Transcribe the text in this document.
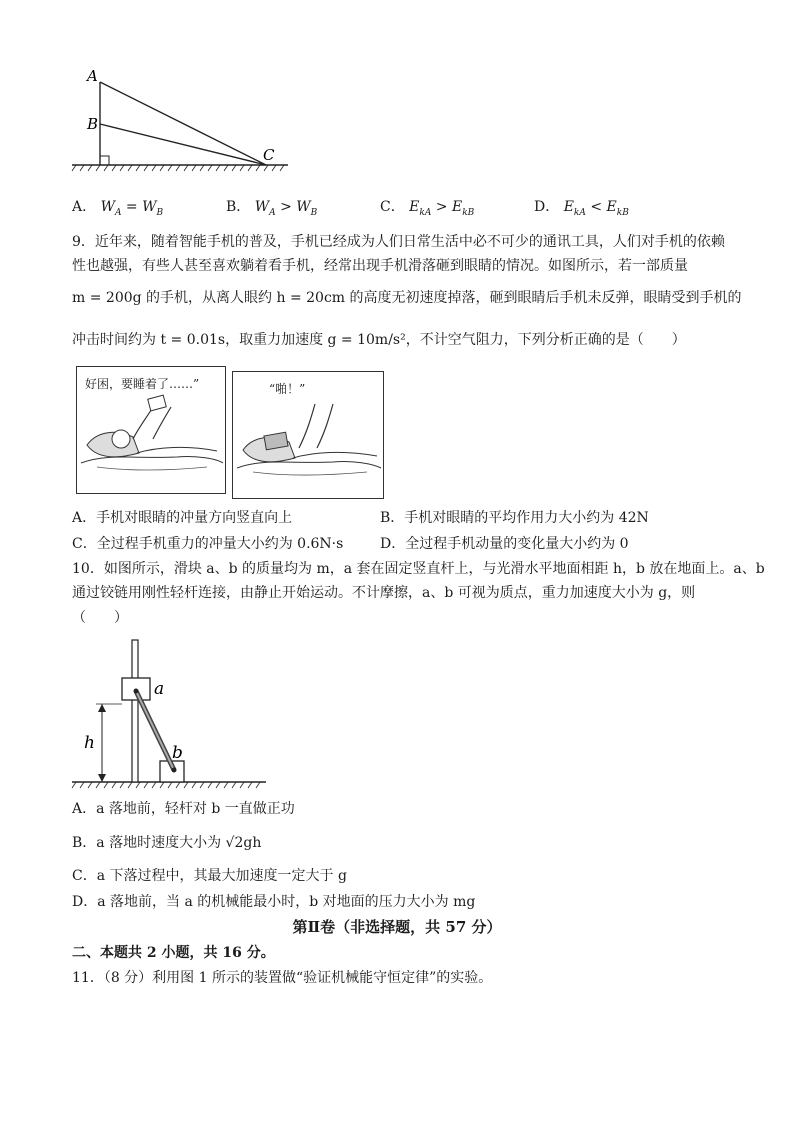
A
B
C
A． $W_A = W_B$	B． $W_A > W_B$	C． $E_{kA} > E_{kB}$	D． $E_{kA} < E_{kB}$
9．近年来，随着智能手机的普及，手机已经成为人们日常生活中必不可少的通讯工具，人们对手机的依赖
性也越强，有些人甚至喜欢躺着看手机，经常出现手机滑落砸到眼睛的情况。如图所示，若一部质量
m = 200g 的手机，从离人眼约 h = 20cm 的高度无初速度掉落，砸到眼睛后手机未反弹，眼睛受到手机的
冲击时间约为 t = 0.01s，取重力加速度 g = 10m/s²，不计空气阻力，下列分析正确的是（　　）
好困，要睡着了……”	“啪！”
A．手机对眼睛的冲量方向竖直向上	B．手机对眼睛的平均作用力大小约为 42N
C．全过程手机重力的冲量大小约为 0.6N·s	D．全过程手机动量的变化量大小约为 0
10．如图所示，滑块 a、b 的质量均为 m，a 套在固定竖直杆上，与光滑水平地面相距 h，b 放在地面上。a、b
通过铰链用刚性轻杆连接，由静止开始运动。不计摩擦，a、b 可视为质点，重力加速度大小为 g，则
（　　）
a
b
h
A．a 落地前，轻杆对 b 一直做正功
B．a 落地时速度大小为 √2gh
C．a 下落过程中，其最大加速度一定大于 g
D．a 落地前，当 a 的机械能最小时，b 对地面的压力大小为 mg
第Ⅱ卷（非选择题，共 57 分）
二、本题共 2 小题，共 16 分。
11．（8 分）利用图 1 所示的装置做“验证机械能守恒定律”的实验。
